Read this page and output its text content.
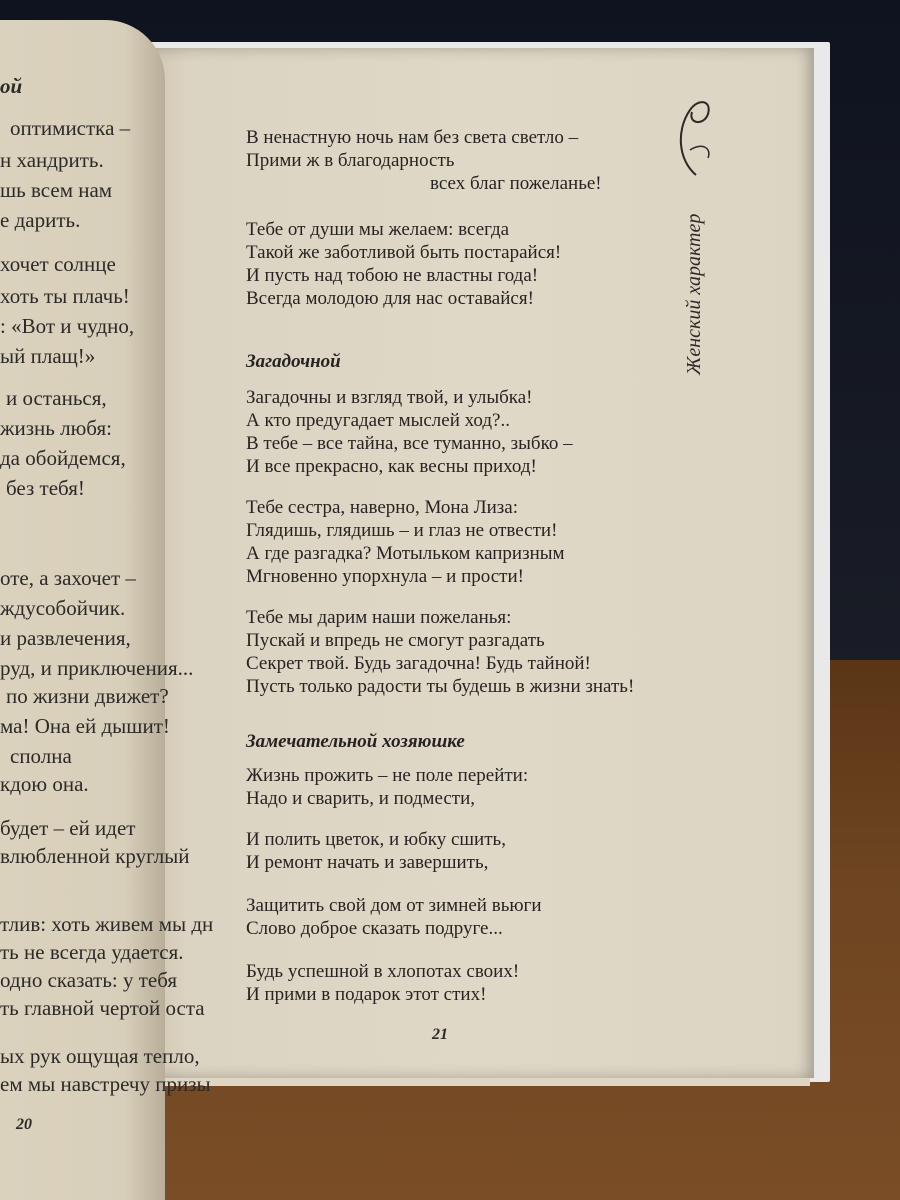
Женский характер
В ненастную ночь нам без света светло –
Прими ж в благодарность
всех благ пожеланье!
Тебе от души мы желаем: всегда
Такой же заботливой быть постарайся!
И пусть над тобою не властны года!
Всегда молодою для нас оставайся!
Загадочной
Загадочны и взгляд твой, и улыбка!
А кто предугадает мыслей ход?..
В тебе – все тайна, все туманно, зыбко –
И все прекрасно, как весны приход!
Тебе сестра, наверно, Мона Лиза:
Глядишь, глядишь – и глаз не отвести!
А где разгадка? Мотыльком капризным
Мгновенно упорхнула – и прости!
Тебе мы дарим наши пожеланья:
Пускай и впредь не смогут разгадать
Секрет твой. Будь загадочна! Будь тайной!
Пусть только радости ты будешь в жизни знать!
Замечательной хозяюшке
Жизнь прожить – не поле перейти:
Надо и сварить, и подмести,
И полить цветок, и юбку сшить,
И ремонт начать и завершить,
Защитить свой дом от зимней вьюги
Слово доброе сказать подруге...
Будь успешной в хлопотах своих!
И прими в подарок этот стих!
21
ой
оптимистка –
н хандрить.
шь всем нам
е дарить.
хочет солнце
хоть ты плачь!
: «Вот и чудно,
ый плащ!»
и останься,
жизнь любя:
да обойдемся,
без тебя!
оте, а захочет –
ждусобойчик.
и развлечения,
руд, и приключения...
по жизни движет?
ма! Она ей дышит!
сполна
кдою она.
будет – ей идет
влюбленной круглый
тлив: хоть живем мы дн
ть не всегда удается.
одно сказать: у тебя
ть главной чертой оста
ых рук ощущая тепло,
ем мы навстречу призы
20
